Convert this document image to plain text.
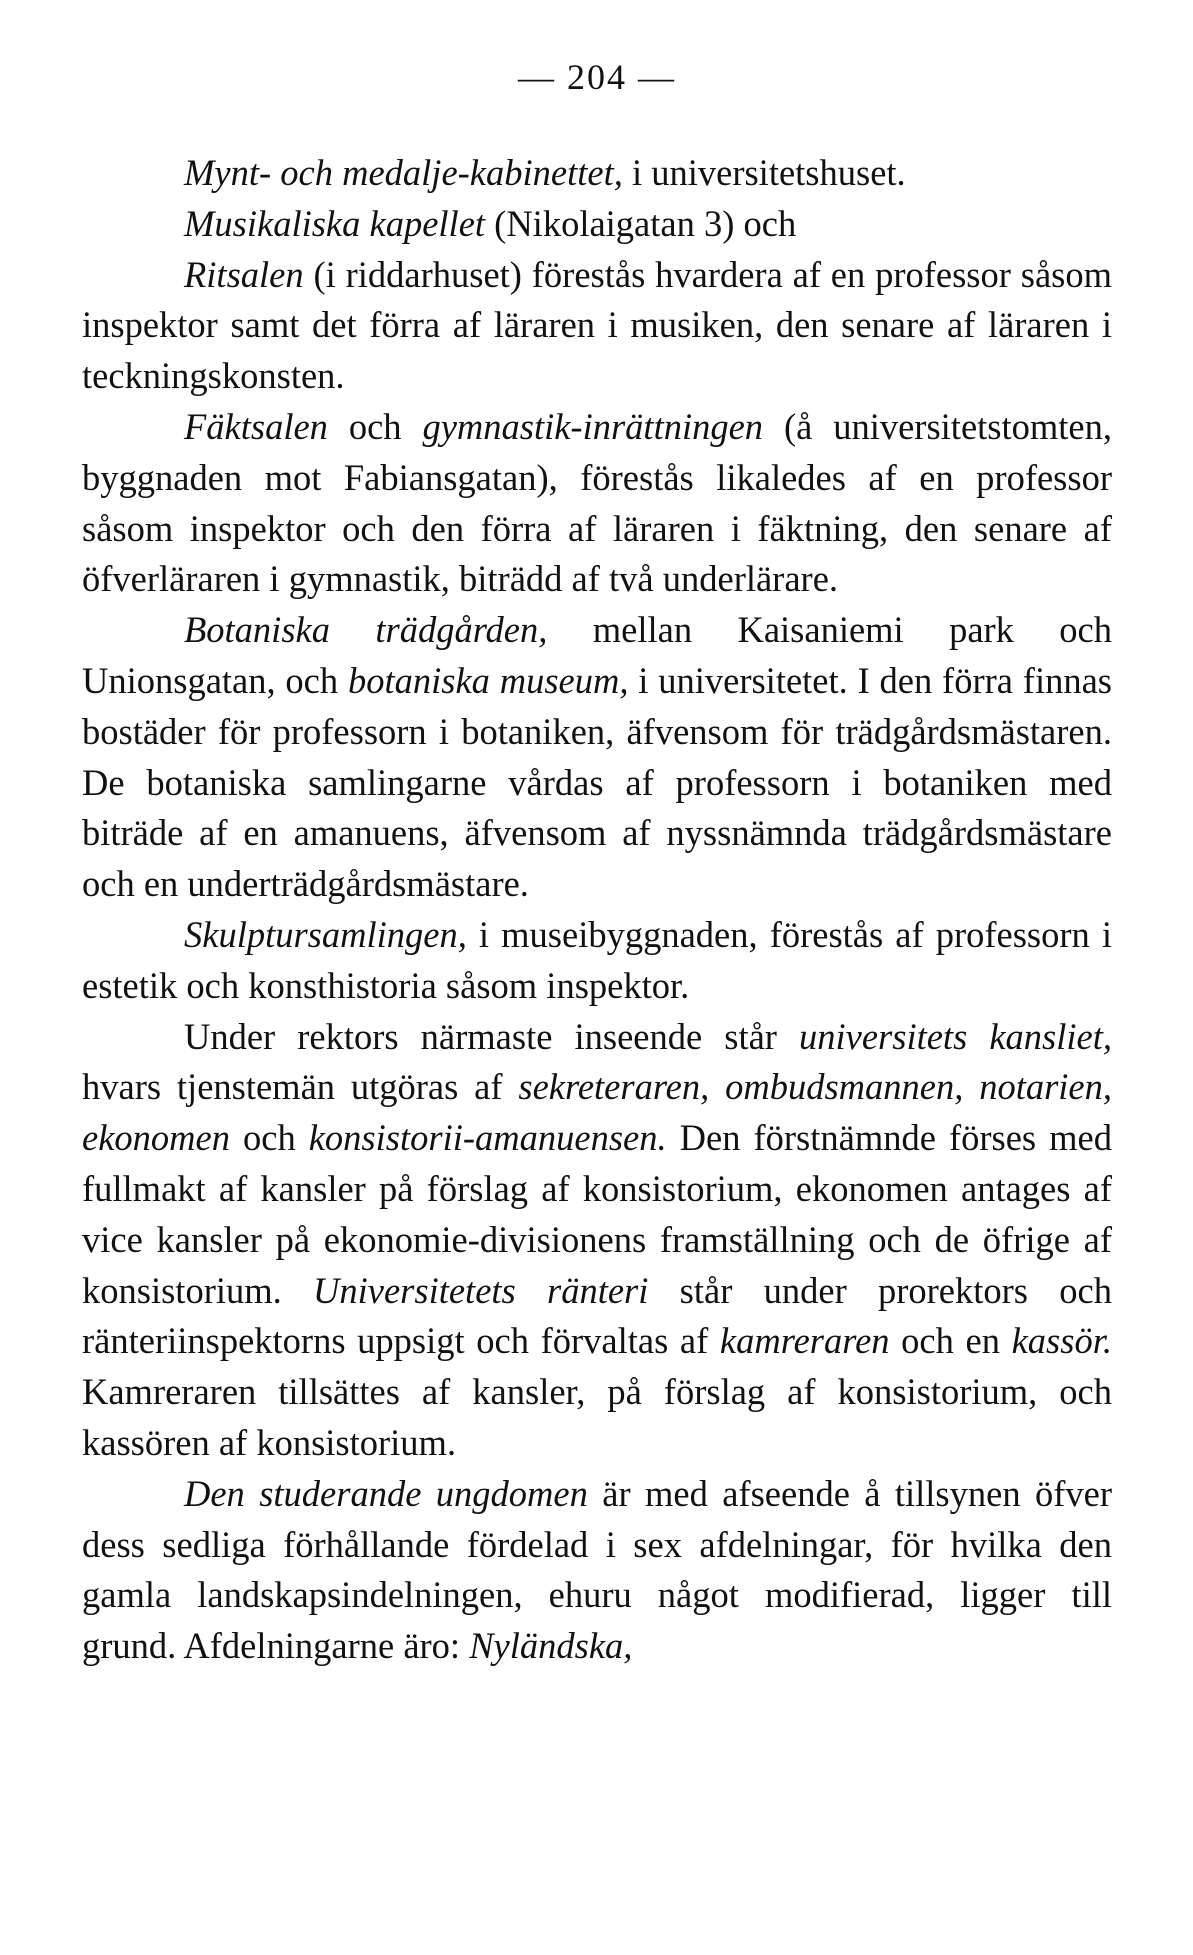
— 204 —

Mynt- och medalje-kabinettet, i universitetshuset.

Musikaliska kapellet (Nikolaigatan 3) och

Ritsalen (i riddarhuset) förestås hvardera af en professor såsom inspektor samt det förra af läraren i musiken, den senare af läraren i teckningskonsten.

Fäktsalen och gymnastik-inrättningen (å universitetstomten, byggnaden mot Fabiansgatan), förestås likaledes af en professor såsom inspektor och den förra af läraren i fäktning, den senare af öfverläraren i gymnastik, biträdd af två underlärare.

Botaniska trädgården, mellan Kaisaniemi park och Unionsgatan, och botaniska museum, i universitetet. I den förra finnas bostäder för professorn i botaniken, äfvensom för trädgårdsmästaren. De botaniska samlingarne vårdas af professorn i botaniken med biträde af en amanuens, äfvensom af nyssnämnda trädgårdsmästare och en underträdgårdsmästare.

Skulptursamlingen, i museibyggnaden, förestås af professorn i estetik och konsthistoria såsom inspektor.

Under rektors närmaste inseende står universitets kansliet, hvars tjenstemän utgöras af sekreteraren, ombudsmannen, notarien, ekonomen och konsistorii-amanuensen. Den förstnämnde förses med fullmakt af kansler på förslag af konsistorium, ekonomen antages af vice kansler på ekonomie-divisionens framställning och de öfrige af konsistorium. Universitetets ränteri står under prorektors och ränteriinspektorns uppsigt och förvaltas af kamreraren och en kassör. Kamreraren tillsättes af kansler, på förslag af konsistorium, och kassören af konsistorium.

Den studerande ungdomen är med afseende å tillsynen öfver dess sedliga förhållande fördelad i sex afdelningar, för hvilka den gamla landskapsindelningen, ehuru något modifierad, ligger till grund. Afdelningarne äro: Nyländska,
